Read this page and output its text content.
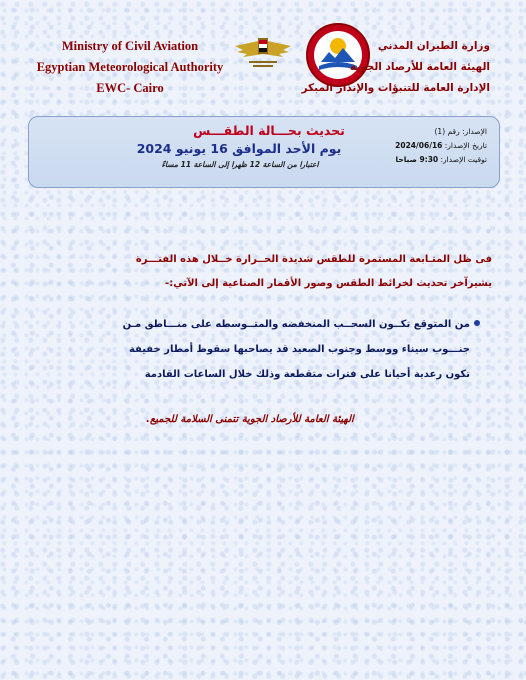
Ministry of Civil Aviation
Egyptian Meteorological Authority
EWC- Cairo
وزارة الطيران المدني
الهيئة العامة للأرصاد الجوية
الإدارة العامة للتنبؤات والإنذار المبكر
تحديث بحـــالة الطقـــس
يوم الأحد الموافق 16 يونيو 2024
اعتبارا من الساعة 12 ظهرا إلى الساعة 11 مساءً
الإصدار: رقم (1)
تاريخ الإصدار: 2024/06/16
توقيت الإصدار: 9:30 صباحا
فى ظل المتـابعة المستمرة للطقس شديدة الحــرارة خــلال هذه الفتـــرة
يشيرآخر تحديث لخرائط الطقس وصور الأقمار الصناعية إلى الآتي:-
من المتوقع تكــون السحــب المنخفضه والمتــوسطه على منـــاطق مـن
جنـــوب سيناء ووسط وجنوب الصعيد قد يصاحبها سقوط أمطار خفيفة
تكون رعدية أحيانا على فترات متقطعة وذلك خلال الساعات القادمة
الهيئة العامة للأرصاد الجوية تتمنى السلامة للجميع.
